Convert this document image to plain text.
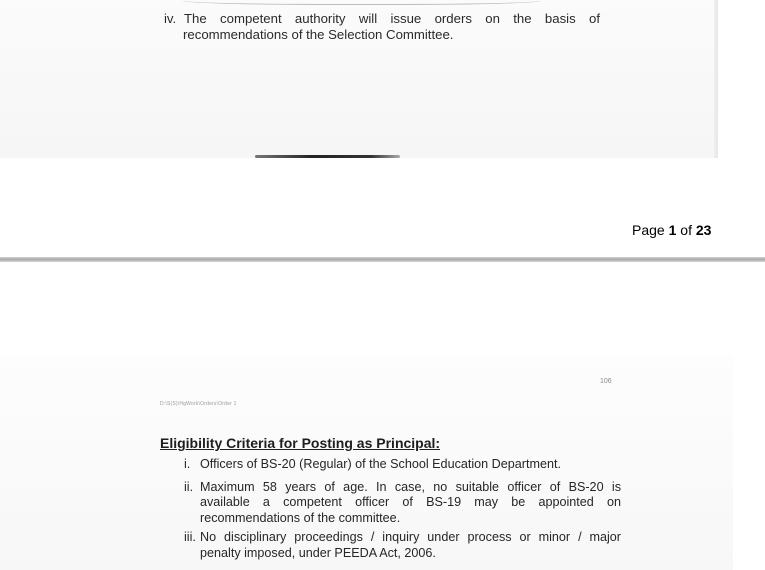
iv. The competent authority will issue orders on the basis of
recommendations of the Selection Committee.
Page 1 of 23
106
D:\S(S)\HgWork\Orders\Order 1
Eligibility Criteria for Posting as Principal:
i. Officers of BS-20 (Regular) of the School Education Department.
ii. Maximum 58 years of age. In case, no suitable officer of BS-20 is
available a competent officer of BS-19 may be appointed on
recommendations of the committee.
iii. No disciplinary proceedings / inquiry under process or minor / major
penalty imposed, under PEEDA Act, 2006.
